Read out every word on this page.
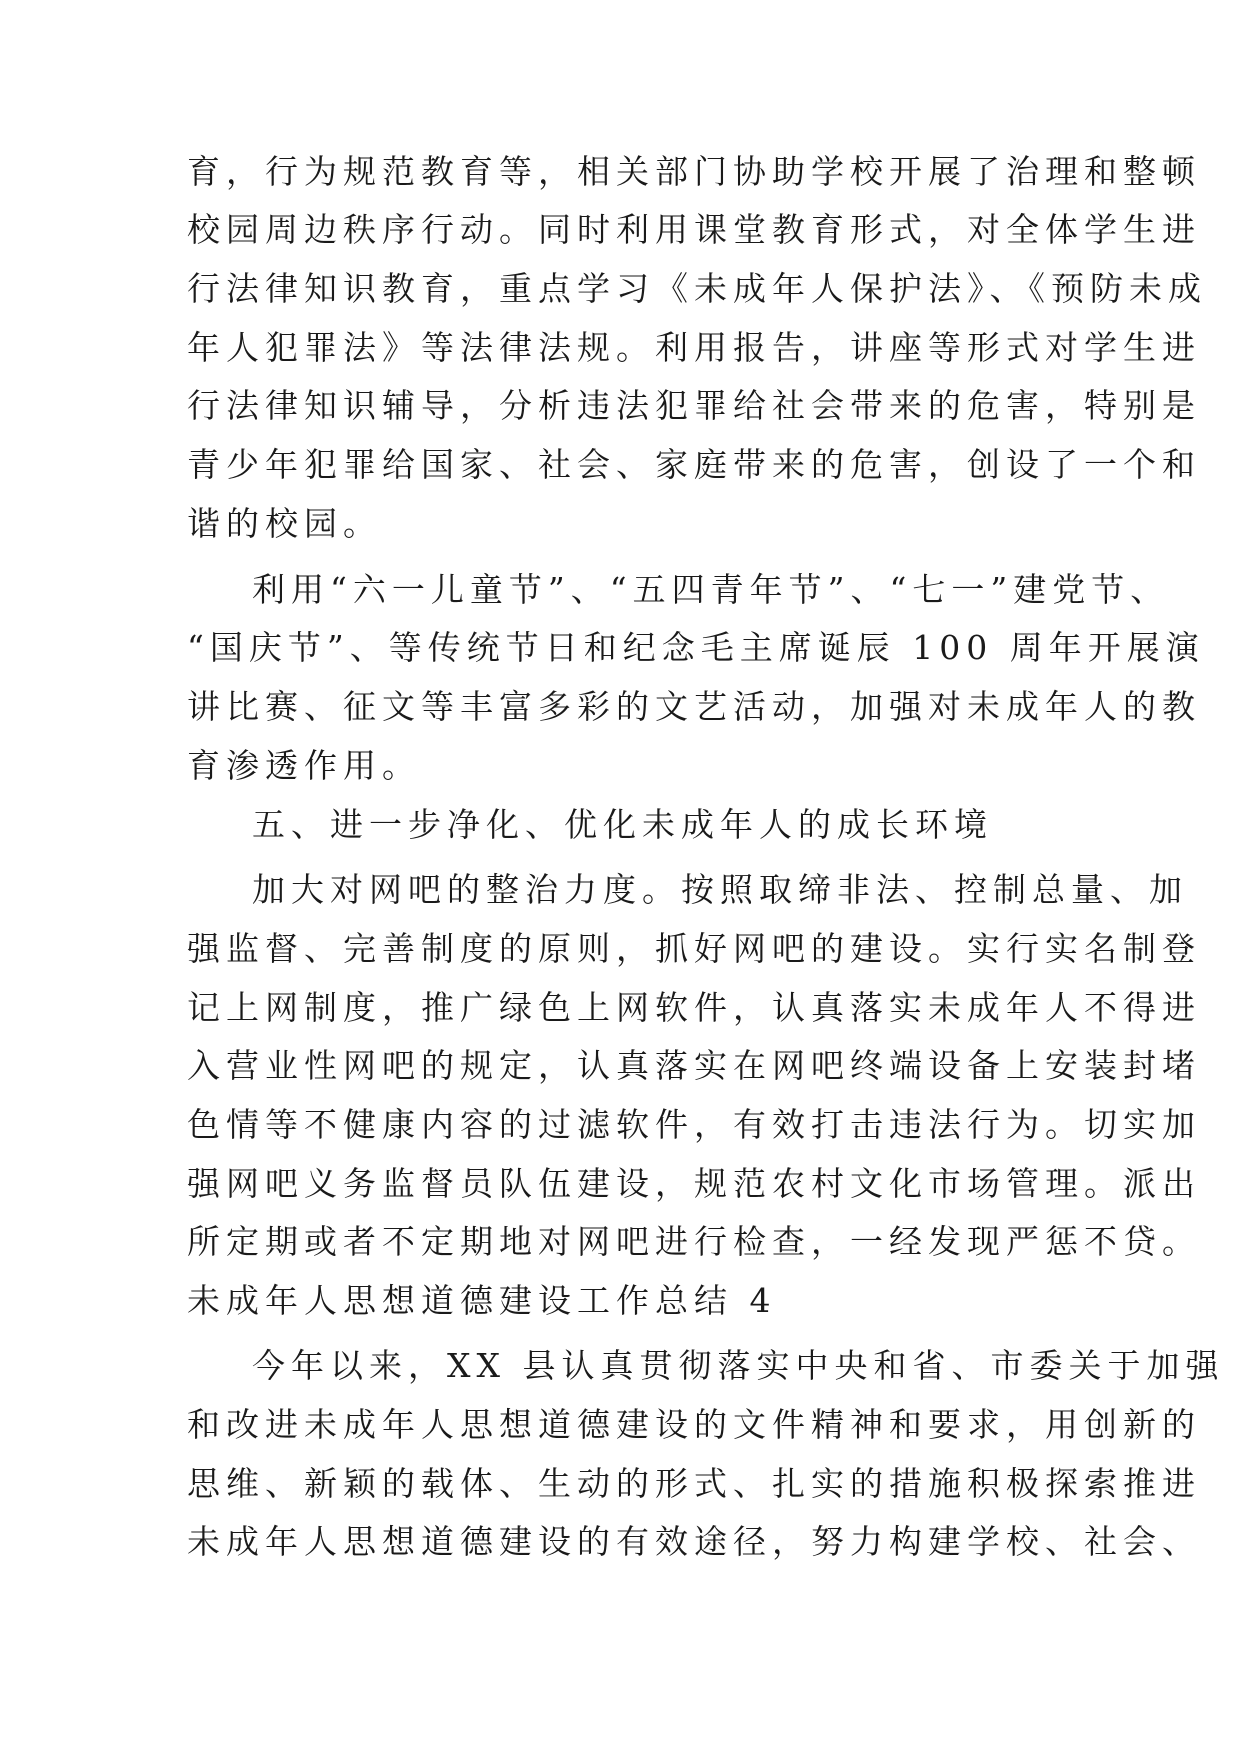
育，行为规范教育等，相关部门协助学校开展了治理和整顿
校园周边秩序行动。同时利用课堂教育形式，对全体学生进
行法律知识教育，重点学习《未成年人保护法》、《预防未成
年人犯罪法》等法律法规。利用报告，讲座等形式对学生进
行法律知识辅导，分析违法犯罪给社会带来的危害，特别是
青少年犯罪给国家、社会、家庭带来的危害，创设了一个和
谐的校园。
利用“六一儿童节”、“五四青年节”、“七一”建党节、
“国庆节”、等传统节日和纪念毛主席诞辰 100 周年开展演
讲比赛、征文等丰富多彩的文艺活动，加强对未成年人的教
育渗透作用。
五、进一步净化、优化未成年人的成长环境
加大对网吧的整治力度。按照取缔非法、控制总量、加
强监督、完善制度的原则，抓好网吧的建设。实行实名制登
记上网制度，推广绿色上网软件，认真落实未成年人不得进
入营业性网吧的规定，认真落实在网吧终端设备上安装封堵
色情等不健康内容的过滤软件，有效打击违法行为。切实加
强网吧义务监督员队伍建设，规范农村文化市场管理。派出
所定期或者不定期地对网吧进行检查，一经发现严惩不贷。
未成年人思想道德建设工作总结 4
今年以来，XX 县认真贯彻落实中央和省、市委关于加强
和改进未成年人思想道德建设的文件精神和要求，用创新的
思维、新颖的载体、生动的形式、扎实的措施积极探索推进
未成年人思想道德建设的有效途径，努力构建学校、社会、
